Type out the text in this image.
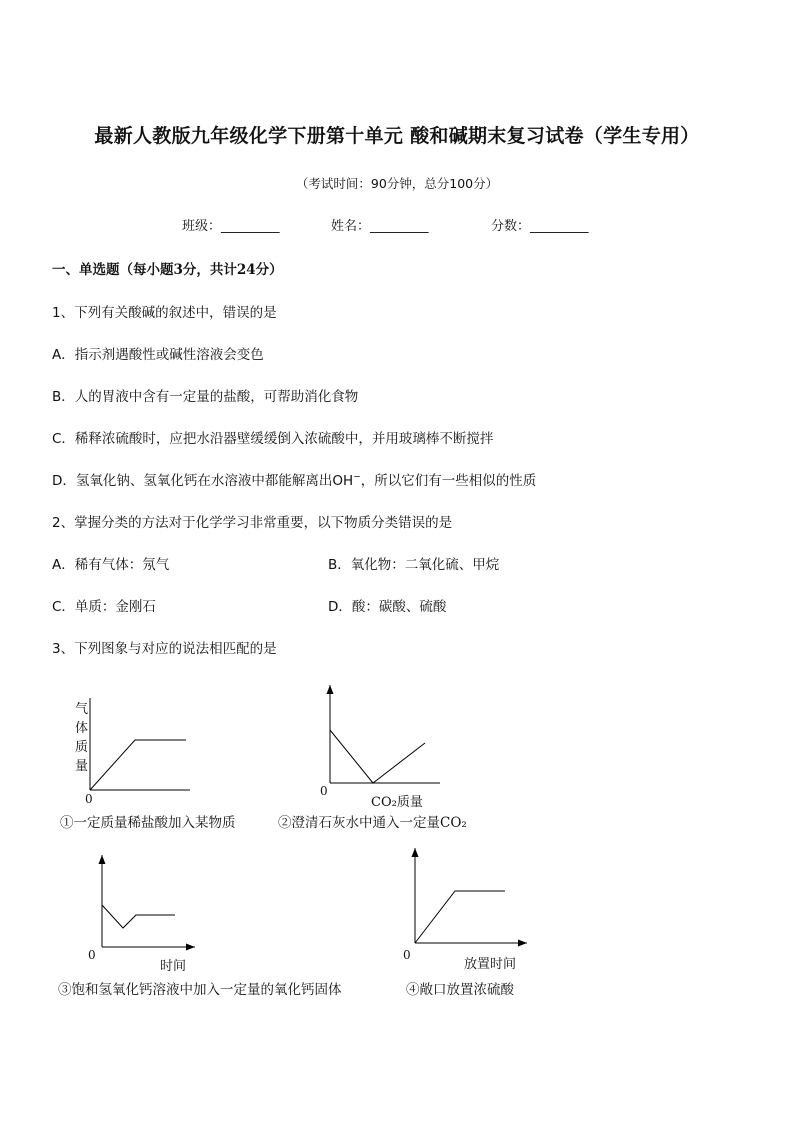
最新人教版九年级化学下册第十单元 酸和碱期末复习试卷（学生专用）
（考试时间：90分钟，总分100分）
班级：_________	姓名：_________	分数：_________
一、单选题（每小题3分，共计24分）
1、下列有关酸碱的叙述中，错误的是
A．指示剂遇酸性或碱性溶液会变色
B．人的胃液中含有一定量的盐酸，可帮助消化食物
C．稀释浓硫酸时，应把水沿器壁缓缓倒入浓硫酸中，并用玻璃棒不断搅拌
D．氢氧化钠、氢氧化钙在水溶液中都能解离出OH−，所以它们有一些相似的性质
2、掌握分类的方法对于化学学习非常重要，以下物质分类错误的是
A．稀有气体：氖气	B．氧化物：二氧化硫、甲烷
C．单质：金刚石	D．酸：碳酸、硫酸
3、下列图象与对应的说法相匹配的是
气
体
质
量
0
①一定质量稀盐酸加入某物质
0
CO₂质量
②澄清石灰水中通入一定量CO₂
0
时间
③饱和氢氧化钙溶液中加入一定量的氧化钙固体
0
放置时间
④敞口放置浓硫酸
